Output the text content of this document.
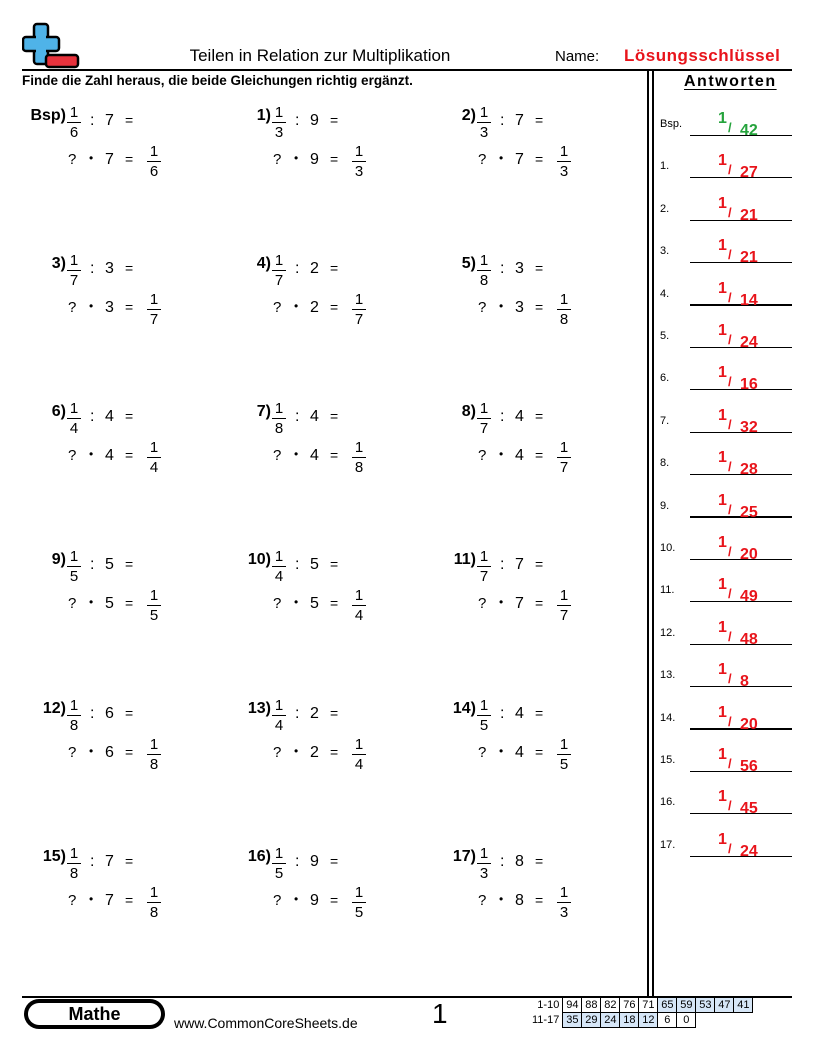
Teilen in Relation zur Multiplikation	Name: Lösungsschlüssel
Finde die Zahl heraus, die beide Gleichungen richtig ergänzt.	Antworten
Bsp) 1
6
: 7 =
? • 7 = 1
6
1) 1
3
: 9 =
? • 9 = 1
3
2) 1
3
: 7 =
? • 7 = 1
3
3) 1
7
: 3 =
? • 3 = 1
7
4) 1
7
: 2 =
? • 2 = 1
7
5) 1
8
: 3 =
? • 3 = 1
8
6) 1
4
: 4 =
? • 4 = 1
4
7) 1
8
: 4 =
? • 4 = 1
8
8) 1
7
: 4 =
? • 4 = 1
7
9) 1
5
: 5 =
? • 5 = 1
5
10) 1
4
: 5 =
? • 5 = 1
4
11) 1
7
: 7 =
? • 7 = 1
7
12) 1
8
: 6 =
? • 6 = 1
8
13) 1
4
: 2 =
? • 2 = 1
4
14) 1
5
: 4 =
? • 4 = 1
5
15) 1
8
: 7 =
? • 7 = 1
8
16) 1
5
: 9 =
? • 9 = 1
5
17) 1
3
: 8 =
? • 8 = 1
3
Bsp. 1
/ 42
1.	1
/ 27
2.	1
/ 21
3.	1
/ 21
4.	1
/ 14
5.	1
/ 24
6.	1
/ 16
7.	1
/ 32
8.	1
/ 28
9.	1
/ 25
10.	1
/ 20
11.	1
/ 49
12.	1
/ 48
13.	1
/ 8
14.	1
/ 20
15.	1
/ 56
16.	1
/ 45
17.	1
/ 24
Mathe	www.CommonCoreSheets.de	1	1-10	94	88	82	76	71	65	59	53	47	41
11-17	35	29	24	18	12	6	0			
